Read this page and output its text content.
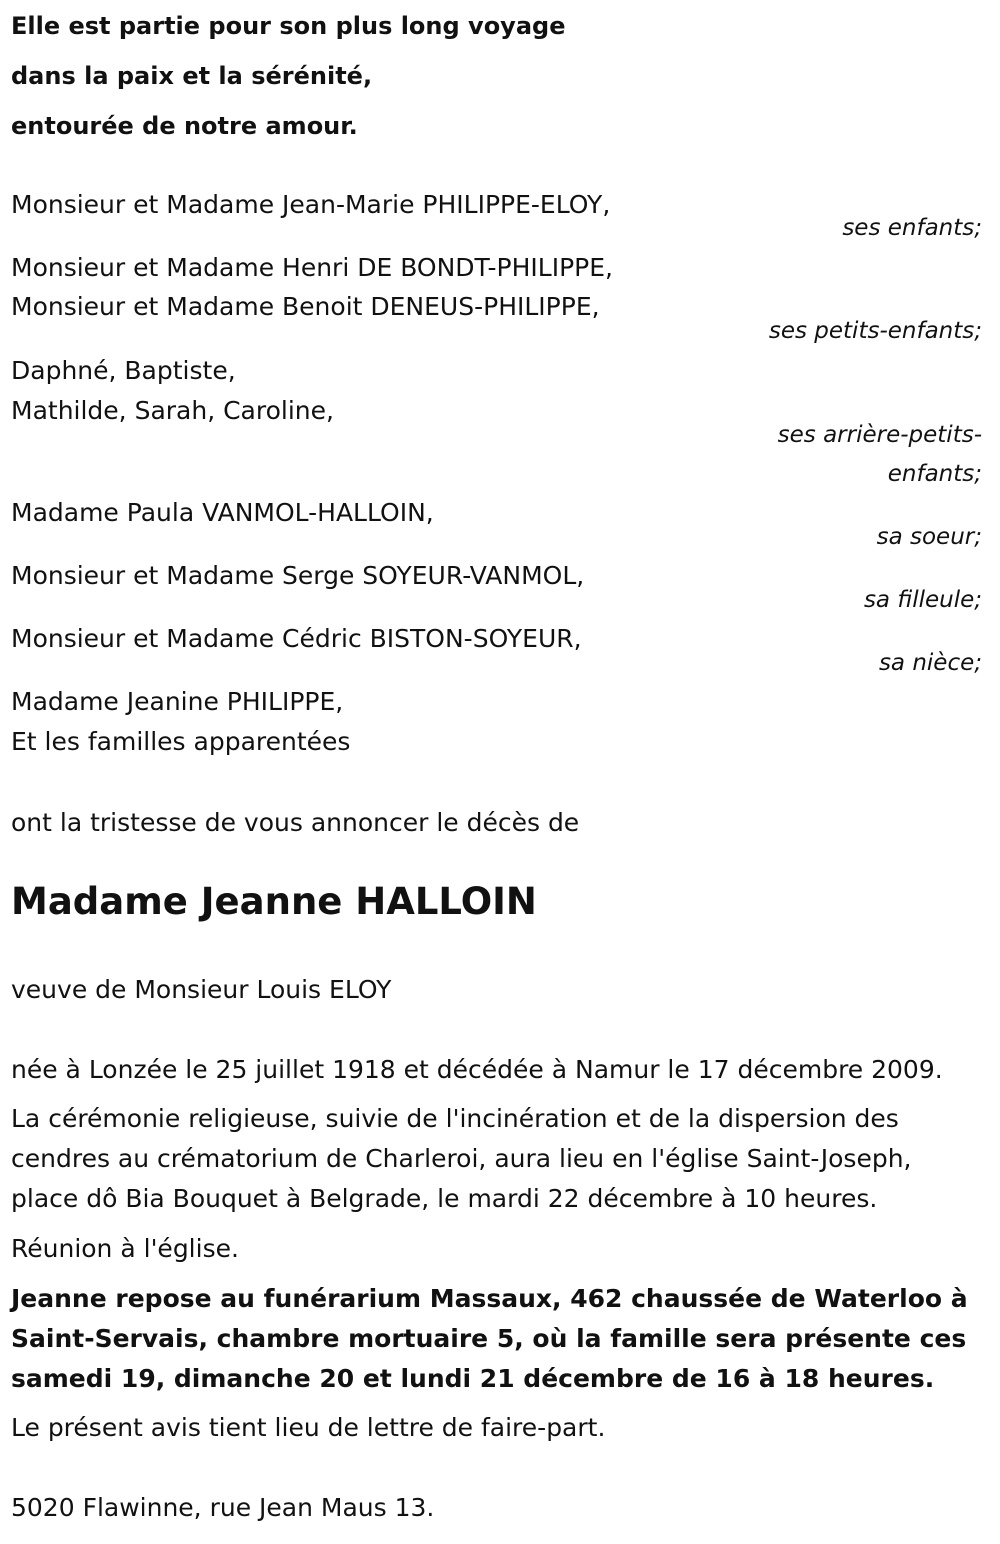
Elle est partie pour son plus long voyage
dans la paix et la sérénité,
entourée de notre amour.
Monsieur et Madame Jean-Marie PHILIPPE-ELOY,
ses enfants;
Monsieur et Madame Henri DE BONDT-PHILIPPE,
Monsieur et Madame Benoit DENEUS-PHILIPPE,
ses petits-enfants;
Daphné, Baptiste,
Mathilde, Sarah, Caroline,
ses arrière-petits-
enfants;
Madame Paula VANMOL-HALLOIN,
sa soeur;
Monsieur et Madame Serge SOYEUR-VANMOL,
sa filleule;
Monsieur et Madame Cédric BISTON-SOYEUR,
sa nièce;
Madame Jeanine PHILIPPE,
Et les familles apparentées
ont la tristesse de vous annoncer le décès de
Madame Jeanne HALLOIN
veuve de Monsieur Louis ELOY
née à Lonzée le 25 juillet 1918 et décédée à Namur le 17 décembre 2009.
La cérémonie religieuse, suivie de l'incinération et de la dispersion des
cendres au crématorium de Charleroi, aura lieu en l'église Saint-Joseph,
place dô Bia Bouquet à Belgrade, le mardi 22 décembre à 10 heures.
Réunion à l'église.
Jeanne repose au funérarium Massaux, 462 chaussée de Waterloo à
Saint-Servais, chambre mortuaire 5, où la famille sera présente ces
samedi 19, dimanche 20 et lundi 21 décembre de 16 à 18 heures.
Le présent avis tient lieu de lettre de faire-part.
5020 Flawinne, rue Jean Maus 13.
